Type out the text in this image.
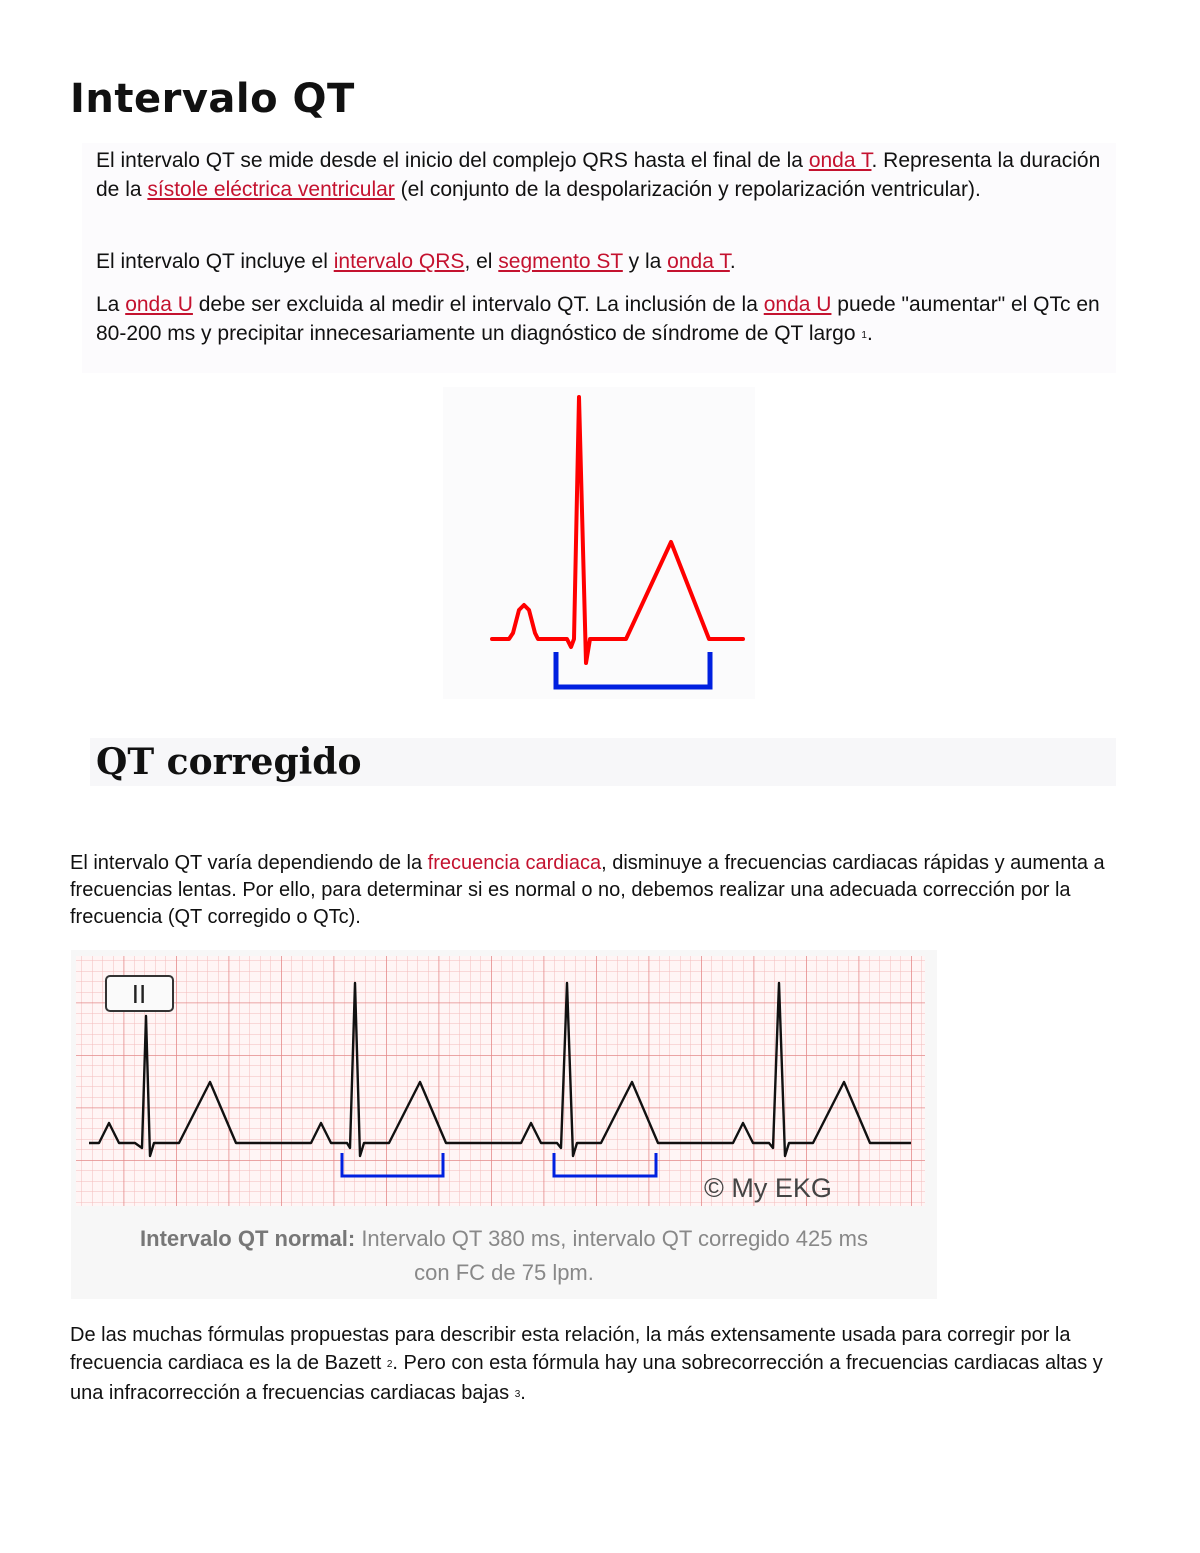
Intervalo QT
El intervalo QT se mide desde el inicio del complejo QRS hasta el final de la onda T. Representa la duración de la sístole eléctrica ventricular (el conjunto de la despolarización y repolarización ventricular).
El intervalo QT incluye el intervalo QRS, el segmento ST y la onda T.
La onda U debe ser excluida al medir el intervalo QT. La inclusión de la onda U puede "aumentar" el QTc en 80-200 ms y precipitar innecesariamente un diagnóstico de síndrome de QT largo $^1$.
QT corregido
El intervalo QT varía dependiendo de la frecuencia cardiaca, disminuye a frecuencias cardiacas rápidas y aumenta a frecuencias lentas. Por ello, para determinar si es normal o no, debemos realizar una adecuada corrección por la frecuencia (QT corregido o QTc).
II
© My EKG
Intervalo QT normal: Intervalo QT 380 ms, intervalo QT corregido 425 ms
con FC de 75 lpm.
De las muchas fórmulas propuestas para describir esta relación, la más extensamente usada para corregir por la frecuencia cardiaca es la de Bazett $^2$. Pero con esta fórmula hay una sobrecorrección a frecuencias cardiacas altas y una infracorrección a frecuencias cardiacas bajas $^3$.
